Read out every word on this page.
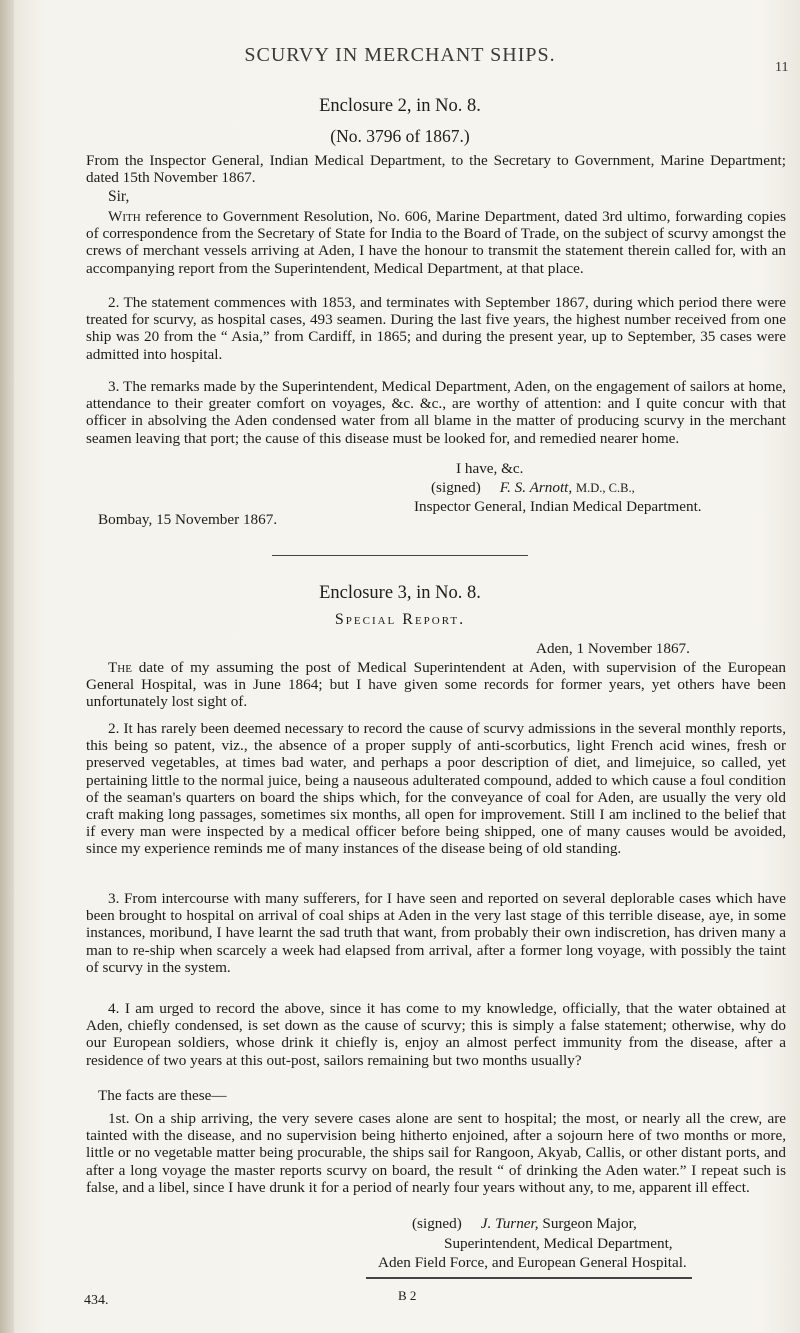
SCURVY IN MERCHANT SHIPS.
11
Enclosure 2, in No. 8.
(No. 3796 of 1867.)

From the Inspector General, Indian Medical Department, to the Secretary to Government, Marine Department; dated 15th November 1867.

Sir,

With reference to Government Resolution, No. 606, Marine Department, dated 3rd ultimo, forwarding copies of correspondence from the Secretary of State for India to the Board of Trade, on the subject of scurvy amongst the crews of merchant vessels arriving at Aden, I have the honour to transmit the statement therein called for, with an accompanying report from the Superintendent, Medical Department, at that place.

2. The statement commences with 1853, and terminates with September 1867, during which period there were treated for scurvy, as hospital cases, 493 seamen. During the last five years, the highest number received from one ship was 20 from the “ Asia,” from Cardiff, in 1865; and during the present year, up to September, 35 cases were admitted into hospital.

3. The remarks made by the Superintendent, Medical Department, Aden, on the engagement of sailors at home, attendance to their greater comfort on voyages, &c. &c., are worthy of attention: and I quite concur with that officer in absolving the Aden condensed water from all blame in the matter of producing scurvy in the merchant seamen leaving that port; the cause of this disease must be looked for, and remedied nearer home.

I have, &c.
(signed) F. S. Arnott, M.D., C.B.,
Inspector General, Indian Medical Department.
Bombay, 15 November 1867.
Enclosure 3, in No. 8.
Special Report.
Aden, 1 November 1867.

The date of my assuming the post of Medical Superintendent at Aden, with supervision of the European General Hospital, was in June 1864; but I have given some records for former years, yet others have been unfortunately lost sight of.

2. It has rarely been deemed necessary to record the cause of scurvy admissions in the several monthly reports, this being so patent, viz., the absence of a proper supply of anti-scorbutics, light French acid wines, fresh or preserved vegetables, at times bad water, and perhaps a poor description of diet, and limejuice, so called, yet pertaining little to the normal juice, being a nauseous adulterated compound, added to which cause a foul condition of the seaman's quarters on board the ships which, for the conveyance of coal for Aden, are usually the very old craft making long passages, sometimes six months, all open for improvement. Still I am inclined to the belief that if every man were inspected by a medical officer before being shipped, one of many causes would be avoided, since my experience reminds me of many instances of the disease being of old standing.

3. From intercourse with many sufferers, for I have seen and reported on several deplorable cases which have been brought to hospital on arrival of coal ships at Aden in the very last stage of this terrible disease, aye, in some instances, moribund, I have learnt the sad truth that want, from probably their own indiscretion, has driven many a man to re-ship when scarcely a week had elapsed from arrival, after a former long voyage, with possibly the taint of scurvy in the system.

4. I am urged to record the above, since it has come to my knowledge, officially, that the water obtained at Aden, chiefly condensed, is set down as the cause of scurvy; this is simply a false statement; otherwise, why do our European soldiers, whose drink it chiefly is, enjoy an almost perfect immunity from the disease, after a residence of two years at this out-post, sailors remaining but two months usually?

The facts are these—

1st. On a ship arriving, the very severe cases alone are sent to hospital; the most, or nearly all the crew, are tainted with the disease, and no supervision being hitherto enjoined, after a sojourn here of two months or more, little or no vegetable matter being procurable, the ships sail for Rangoon, Akyab, Callis, or other distant ports, and after a long voyage the master reports scurvy on board, the result “ of drinking the Aden water.” I repeat such is false, and a libel, since I have drunk it for a period of nearly four years without any, to me, apparent ill effect.

(signed) J. Turner, Surgeon Major,
Superintendent, Medical Department,
Aden Field Force, and European General Hospital.
434.	B 2
